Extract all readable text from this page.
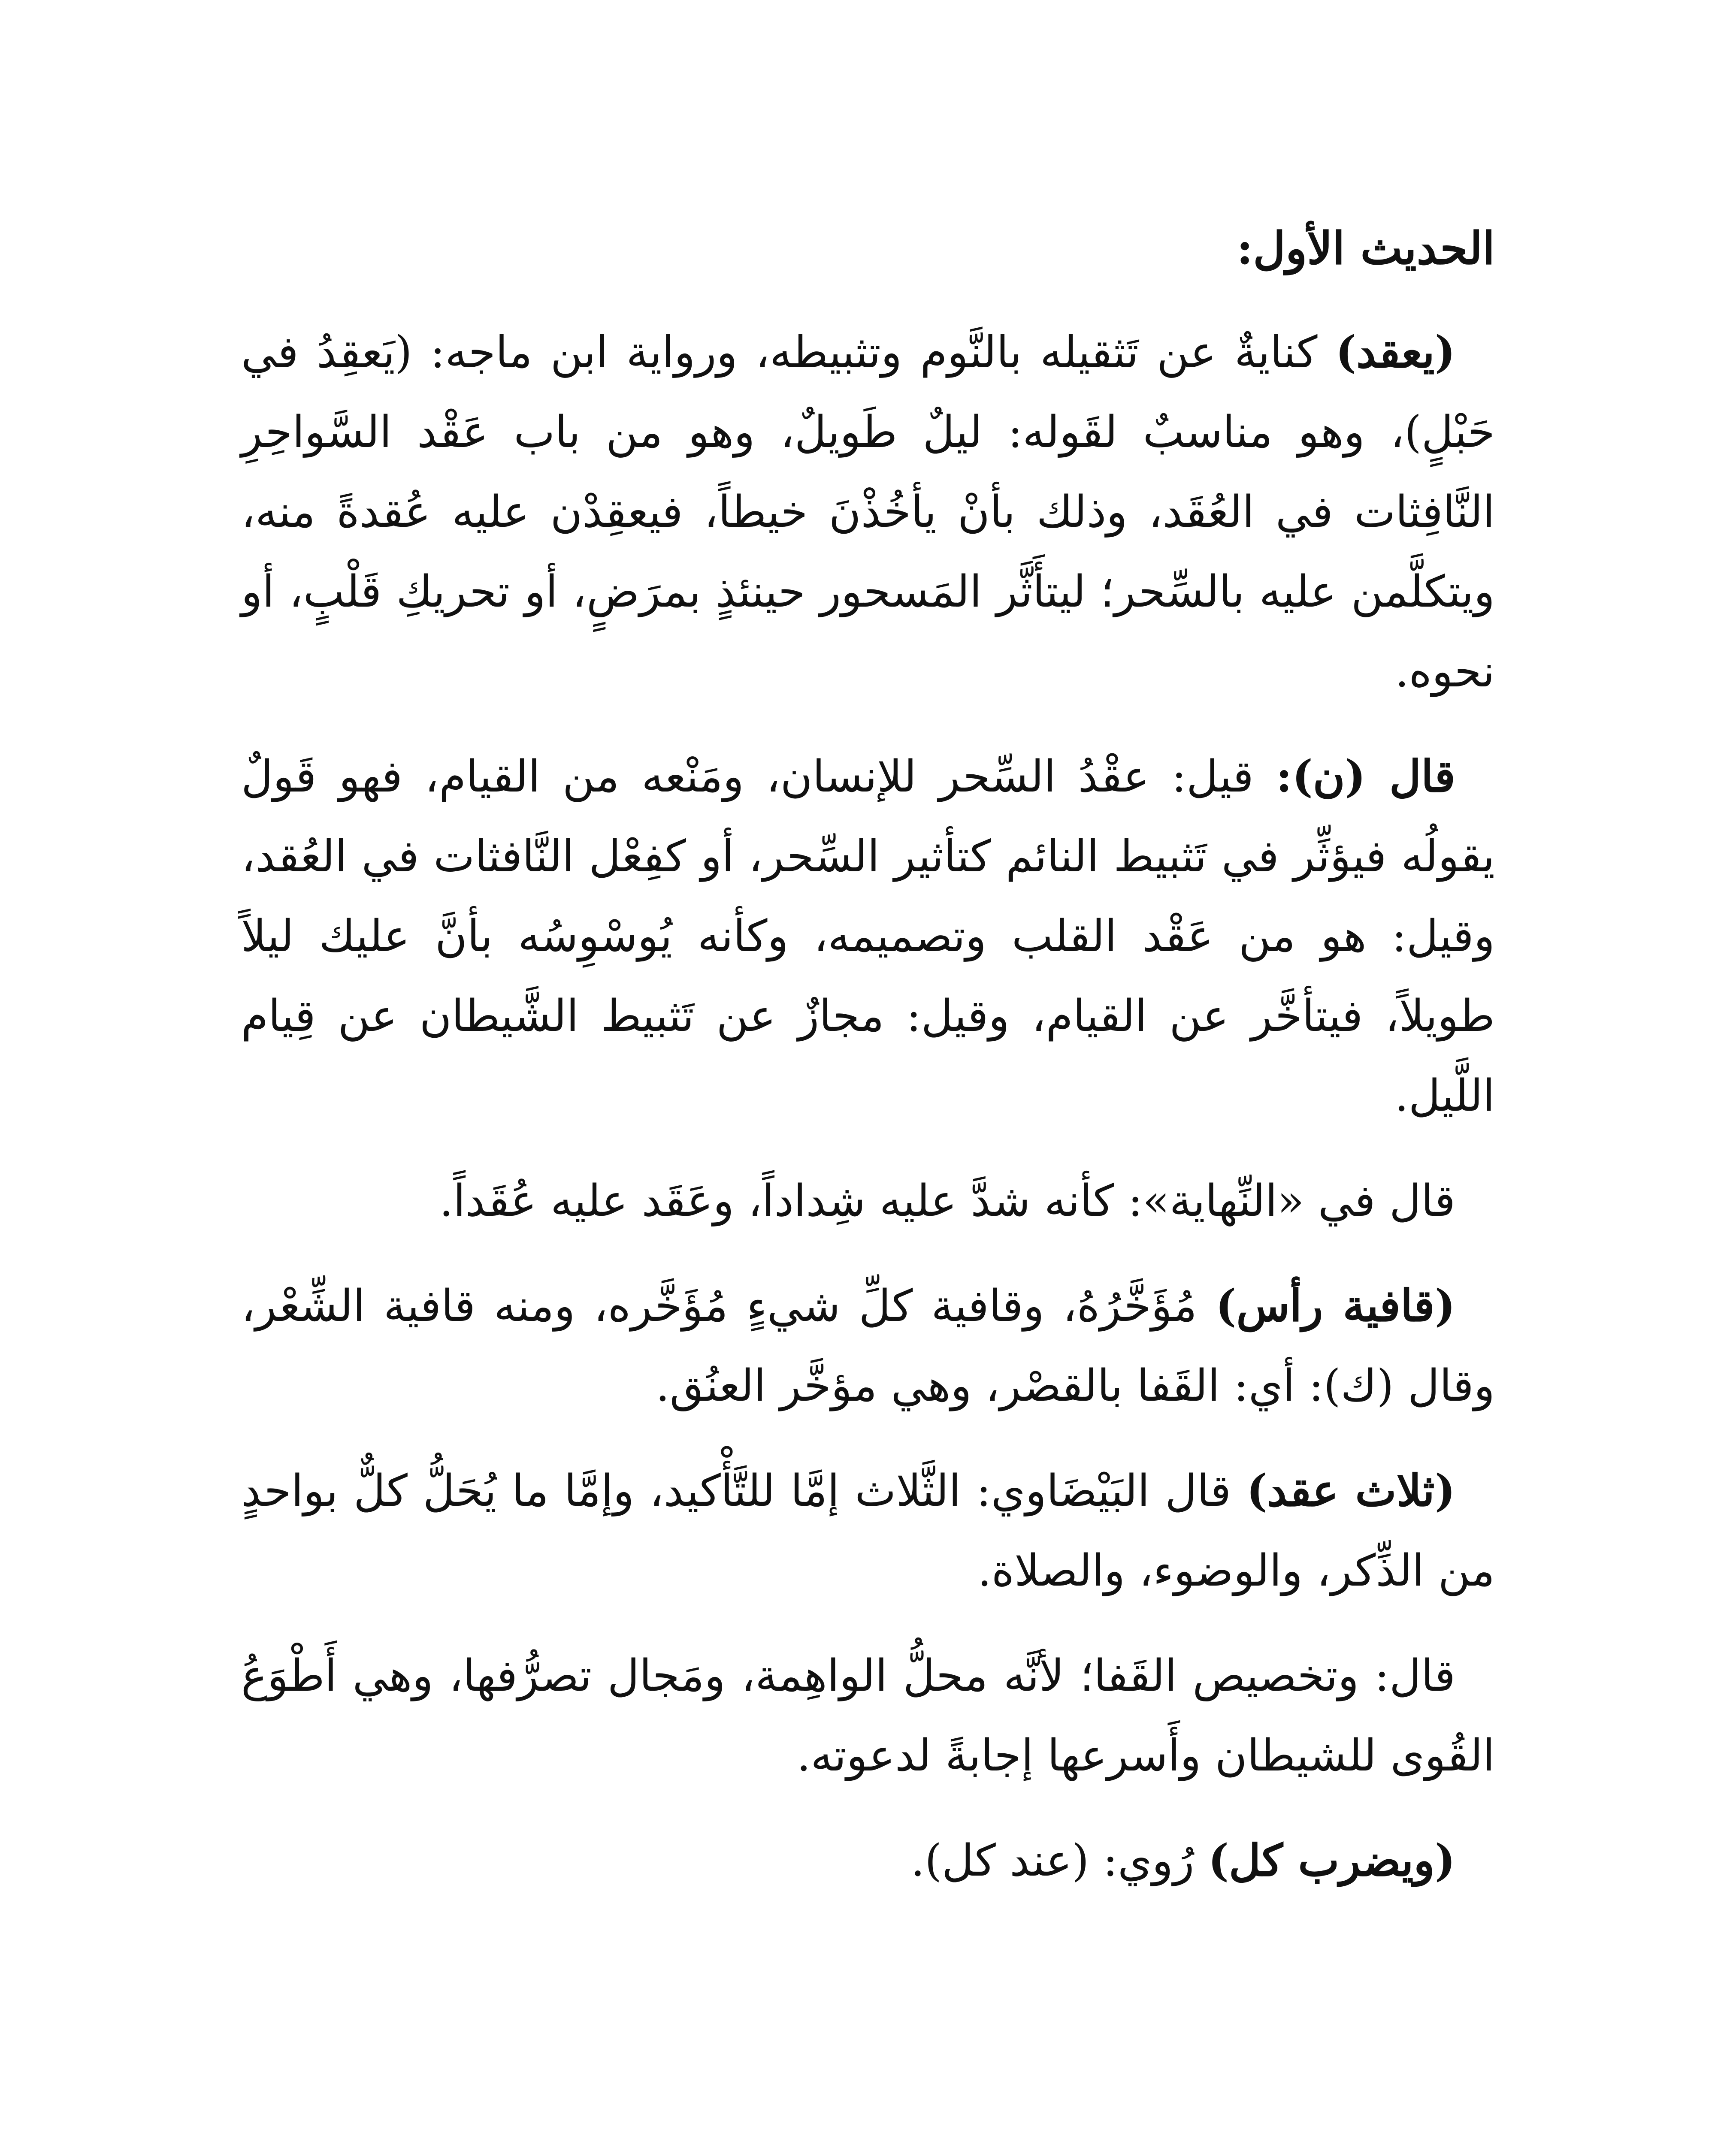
الحديث الأول:

(يعقد) كنايةٌ عن تَثقيله بالنَّوم وتثبيطه، ورواية ابن ماجه: (يَعقِدُ في حَبْلٍ)، وهو مناسبٌ لقَوله: ليلٌ طَويلٌ، وهو من باب عَقْد السَّواحِرِ النَّافِثات في العُقَد، وذلك بأنْ يأخُذْنَ خيطاً، فيعقِدْن عليه عُقدةً منه، ويتكلَّمن عليه بالسِّحر؛ ليتأَثَّر المَسحور حينئذٍ بمرَضٍ، أو تحريكِ قَلْبٍ، أو نحوه.

قال (ن): قيل: عقْدُ السِّحر للإنسان، ومَنْعه من القيام، فهو قَولٌ يقولُه فيؤثِّر في تَثبيط النائم كتأثير السِّحر، أو كفِعْل النَّافثات في العُقد، وقيل: هو من عَقْد القلب وتصميمه، وكأنه يُوسْوِسُه بأنَّ عليك ليلاً طويلاً، فيتأخَّر عن القيام، وقيل: مجازٌ عن تَثبيط الشَّيطان عن قِيام اللَّيل.

قال في «النِّهاية»: كأنه شدَّ عليه شِداداً، وعَقَد عليه عُقَداً.

(قافية رأس) مُؤَخَّرُهُ، وقافية كلِّ شيءٍ مُؤَخَّره، ومنه قافية الشِّعْر، وقال (ك): أي: القَفا بالقصْر، وهي مؤخَّر العنُق.

(ثلاث عقد) قال البَيْضَاوي: الثَّلاث إمَّا للتَّأْكيد، وإمَّا ما يُحَلُّ كلٌّ بواحدٍ من الذِّكر، والوضوء، والصلاة.

قال: وتخصيص القَفا؛ لأنَّه محلُّ الواهِمة، ومَجال تصرُّفها، وهي أَطْوَعُ القُوى للشيطان وأَسرعها إجابةً لدعوته.

(ويضرب كل) رُوي: (عند كل).
